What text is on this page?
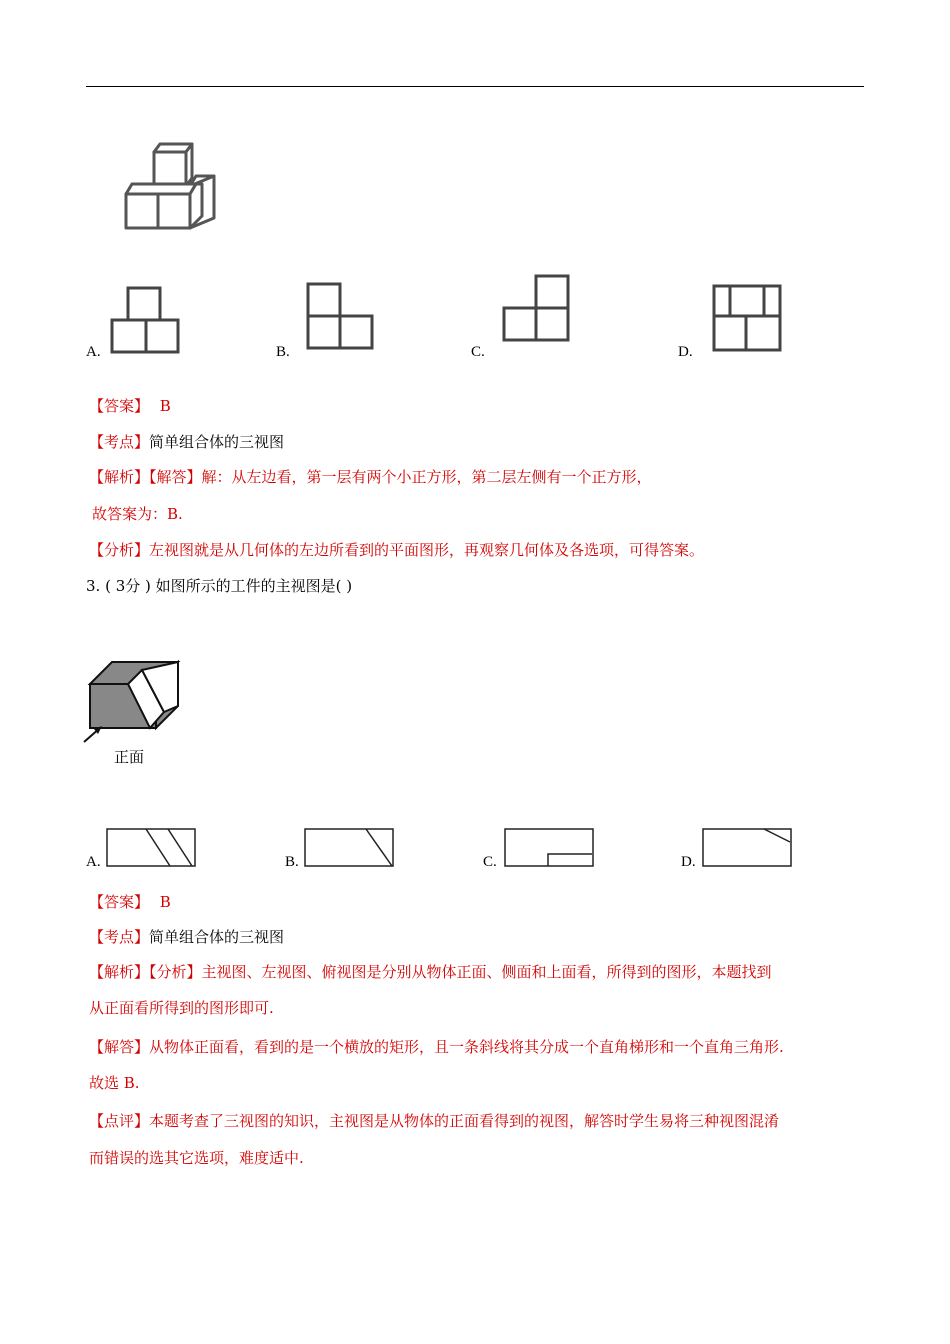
A.	B.	C.	D.
【答案】 B
【考点】简单组合体的三视图
【解析】【解答】解：从左边看，第一层有两个小正方形，第二层左侧有一个正方形，
故答案为：B.
【分析】左视图就是从几何体的左边所看到的平面图形，再观察几何体及各选项，可得答案。
3. ( 3分 ) 如图所示的工件的主视图是( )
正面
A.	B.	C.	D.
【答案】 B
【考点】简单组合体的三视图
【解析】【分析】主视图、左视图、俯视图是分别从物体正面、侧面和上面看，所得到的图形，本题找到
从正面看所得到的图形即可.
【解答】从物体正面看，看到的是一个横放的矩形，且一条斜线将其分成一个直角梯形和一个直角三角形.
故选 B.
【点评】本题考查了三视图的知识，主视图是从物体的正面看得到的视图，解答时学生易将三种视图混淆
而错误的选其它选项，难度适中.
